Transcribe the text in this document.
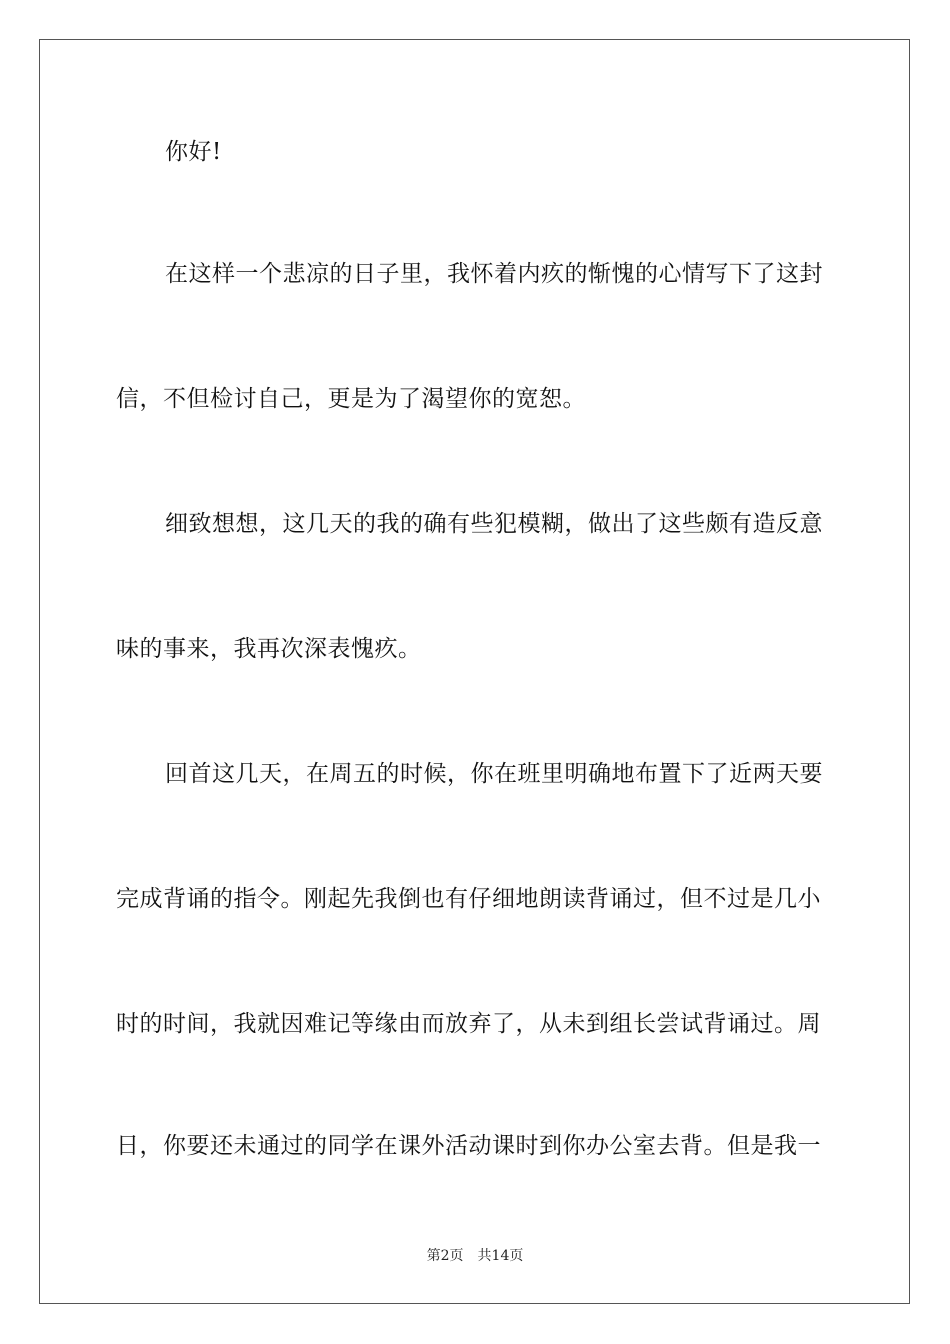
你好!
在这样一个悲凉的日子里，我怀着内疚的惭愧的心情写下了这封
信，不但检讨自己，更是为了渴望你的宽恕。
细致想想，这几天的我的确有些犯模糊，做出了这些颇有造反意
味的事来，我再次深表愧疚。
回首这几天，在周五的时候，你在班里明确地布置下了近两天要
完成背诵的指令。刚起先我倒也有仔细地朗读背诵过，但不过是几小
时的时间，我就因难记等缘由而放弃了，从未到组长尝试背诵过。周
日，你要还未通过的同学在课外活动课时到你办公室去背。但是我一
第2页 共14页
